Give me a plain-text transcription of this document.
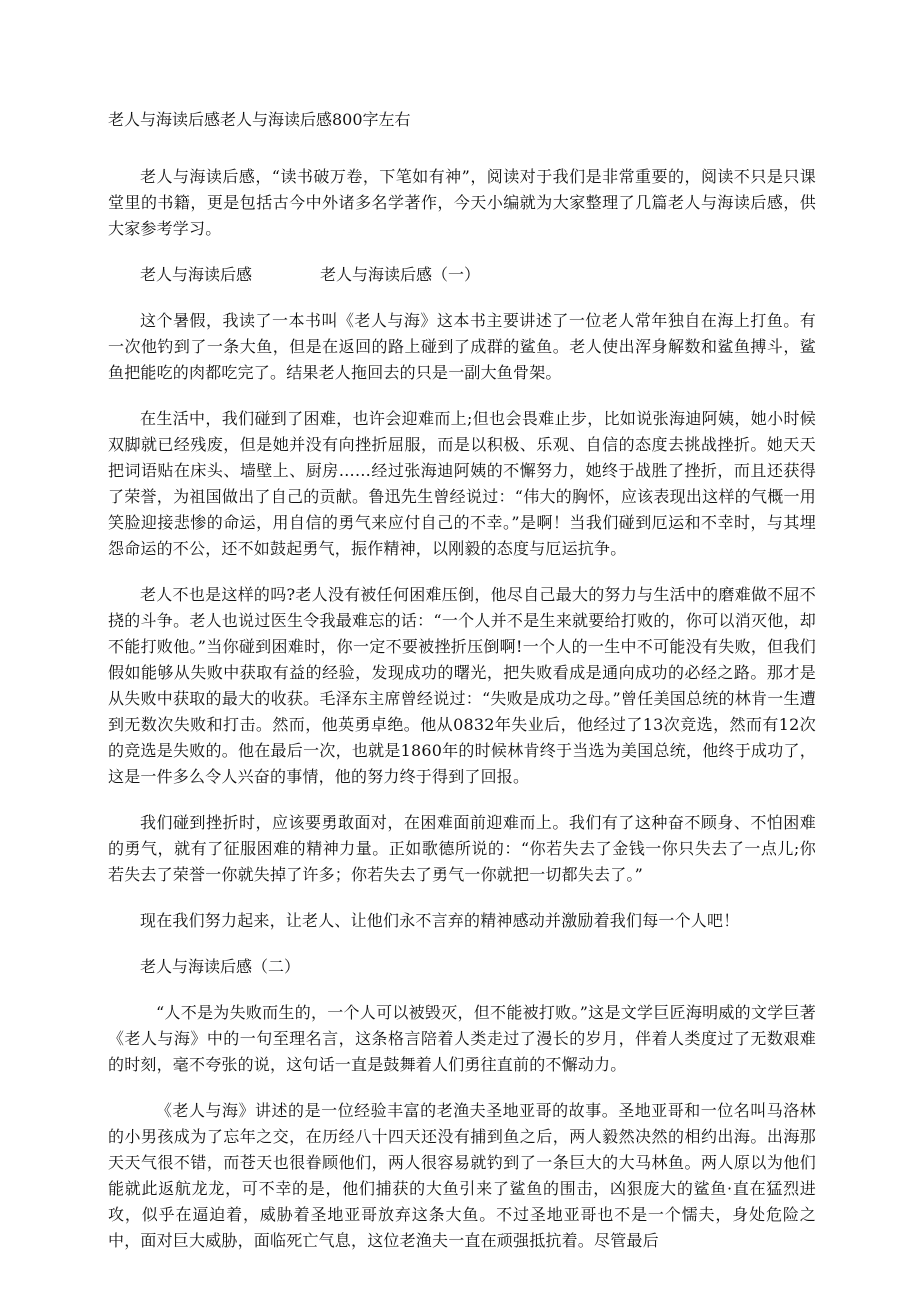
老人与海读后感老人与海读后感800字左右

老人与海读后感，“读书破万卷，下笔如有神”，阅读对于我们是非常重要的，阅读不只是只课堂里的书籍，更是包括古今中外诸多名学著作，今天小编就为大家整理了几篇老人与海读后感，供大家参考学习。

老人与海读后感	老人与海读后感（一）

这个暑假，我读了一本书叫《老人与海》这本书主要讲述了一位老人常年独自在海上打鱼。有一次他钓到了一条大鱼，但是在返回的路上碰到了成群的鲨鱼。老人使出浑身解数和鲨鱼搏斗，鲨鱼把能吃的肉都吃完了。结果老人拖回去的只是一副大鱼骨架。

在生活中，我们碰到了困难，也许会迎难而上;但也会畏难止步，比如说张海迪阿姨，她小时候双脚就已经残废，但是她并没有向挫折屈服，而是以积极、乐观、自信的态度去挑战挫折。她天天把词语贴在床头、墙壁上、厨房……经过张海迪阿姨的不懈努力，她终于战胜了挫折，而且还获得了荣誉，为祖国做出了自己的贡献。鲁迅先生曾经说过：“伟大的胸怀，应该表现出这样的气概一用笑脸迎接悲惨的命运，用自信的勇气来应付自己的不幸。”是啊！当我们碰到厄运和不幸时，与其埋怨命运的不公，还不如鼓起勇气，振作精神，以刚毅的态度与厄运抗争。

老人不也是这样的吗?老人没有被任何困难压倒，他尽自己最大的努力与生活中的磨难做不屈不挠的斗争。老人也说过医生令我最难忘的话：“一个人并不是生来就要给打败的，你可以消灭他，却不能打败他。”当你碰到困难时，你一定不要被挫折压倒啊!一个人的一生中不可能没有失败，但我们假如能够从失败中获取有益的经验，发现成功的曙光，把失败看成是通向成功的必经之路。那才是从失败中获取的最大的收获。毛泽东主席曾经说过：“失败是成功之母。”曾任美国总统的林肯一生遭到无数次失败和打击。然而，他英勇卓绝。他从0832年失业后，他经过了13次竞选，然而有12次的竞选是失败的。他在最后一次，也就是1860年的时候林肯终于当选为美国总统，他终于成功了，这是一件多么令人兴奋的事情，他的努力终于得到了回报。

我们碰到挫折时，应该要勇敢面对，在困难面前迎难而上。我们有了这种奋不顾身、不怕困难的勇气，就有了征服困难的精神力量。正如歌德所说的：“你若失去了金钱一你只失去了一点儿;你若失去了荣誉一你就失掉了许多；你若失去了勇气一你就把一切都失去了。”

现在我们努力起来，让老人、让他们永不言弃的精神感动并激励着我们每一个人吧！

老人与海读后感（二）

“人不是为失败而生的，一个人可以被毁灭，但不能被打败。”这是文学巨匠海明威的文学巨著《老人与海》中的一句至理名言，这条格言陪着人类走过了漫长的岁月，伴着人类度过了无数艰难的时刻，毫不夸张的说，这句话一直是鼓舞着人们勇往直前的不懈动力。

《老人与海》讲述的是一位经验丰富的老渔夫圣地亚哥的故事。圣地亚哥和一位名叫马洛林的小男孩成为了忘年之交，在历经八十四天还没有捕到鱼之后，两人毅然决然的相约出海。出海那天天气很不错，而苍天也很眷顾他们，两人很容易就钓到了一条巨大的大马林鱼。两人原以为他们能就此返航龙龙，可不幸的是，他们捕获的大鱼引来了鲨鱼的围击，凶狠庞大的鲨鱼·直在猛烈进攻，似乎在逼迫着，威胁着圣地亚哥放弃这条大鱼。不过圣地亚哥也不是一个懦夫，身处危险之中，面对巨大威胁，面临死亡气息，这位老渔夫一直在顽强抵抗着。尽管最后
